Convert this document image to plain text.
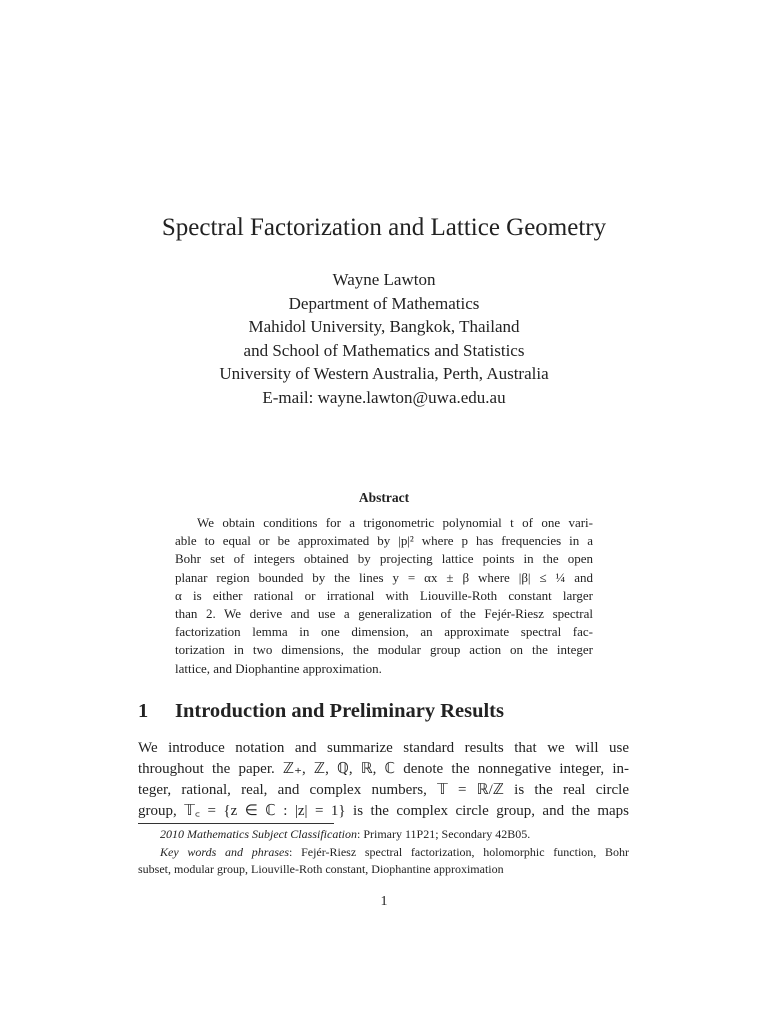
Spectral Factorization and Lattice Geometry
Wayne Lawton
Department of Mathematics
Mahidol University, Bangkok, Thailand
and School of Mathematics and Statistics
University of Western Australia, Perth, Australia
E-mail: wayne.lawton@uwa.edu.au
Abstract
We obtain conditions for a trigonometric polynomial t of one vari-
able to equal or be approximated by |p|² where p has frequencies in a
Bohr set of integers obtained by projecting lattice points in the open
planar region bounded by the lines y = αx ± β where |β| ≤ ¼ and
α is either rational or irrational with Liouville-Roth constant larger
than 2. We derive and use a generalization of the Fejér-Riesz spectral
factorization lemma in one dimension, an approximate spectral fac-
torization in two dimensions, the modular group action on the integer
lattice, and Diophantine approximation.
1 Introduction and Preliminary Results
We introduce notation and summarize standard results that we will use
throughout the paper. ℤ₊, ℤ, ℚ, ℝ, ℂ denote the nonnegative integer, in-
teger, rational, real, and complex numbers, 𝕋 = ℝ/ℤ is the real circle
group, 𝕋꜀ = {z ∈ ℂ : |z| = 1} is the complex circle group, and the maps
2010 Mathematics Subject Classification: Primary 11P21; Secondary 42B05.
Key words and phrases: Fejér-Riesz spectral factorization, holomorphic function, Bohr
subset, modular group, Liouville-Roth constant, Diophantine approximation
1
